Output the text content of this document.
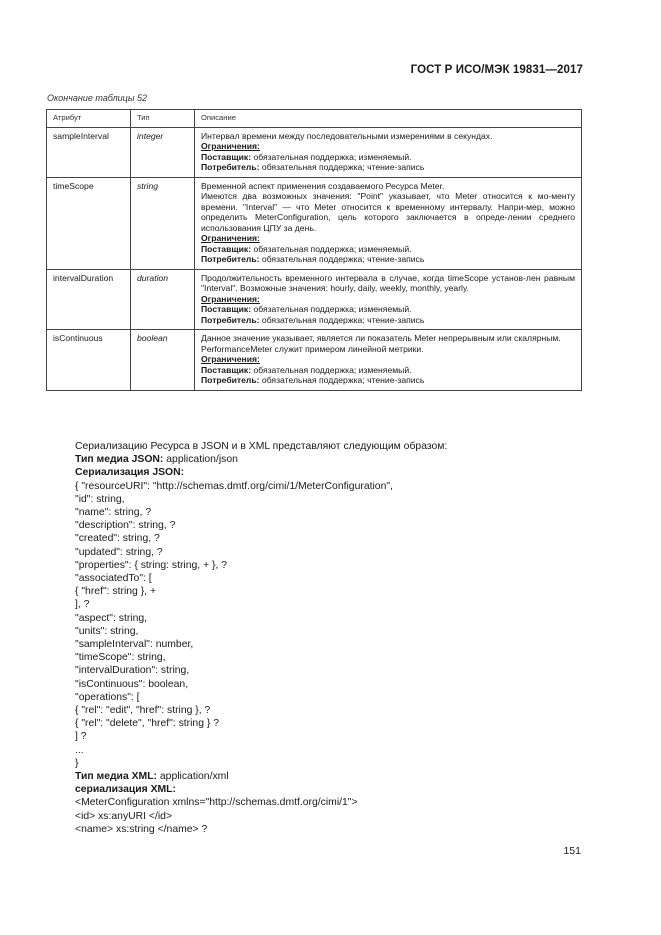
ГОСТ Р ИСО/МЭК 19831—2017
Окончание таблицы 52
Атрибут	Тип	Описание
sampleInterval	integer	Интервал времени между последовательными измерениями в секундах.

Ограничения:

Поставщик: обязательная поддержка; изменяемый.

Потребитель: обязательная поддержка; чтение-запись

timeScope	string	Временной аспект применения создаваемого Ресурса Meter.

Имеются два возможных значения: "Point" указывает, что Meter относится к мо-менту времени. "Interval" — что Meter относится к временному интервалу. Напри-мер, можно определить MeterConfiguration, цель которого заключается в опреде-лении среднего использования ЦПУ за день.

Ограничения:

Поставщик: обязательная поддержка; изменяемый.

Потребитель: обязательная поддержка; чтение-запись

intervalDuration	duration	Продолжительность временного интервала в случае, когда timeScope установ-лен равным "Interval". Возможные значения: hourly, daily, weekly, monthly, yearly.

Ограничения:

Поставщик: обязательная поддержка; изменяемый.

Потребитель: обязательная поддержка; чтение-запись

isContinuous	boolean	Данное значение указывает, является ли показатель Meter непрерывным или скалярным.

PerformanceMeter служит примером линейной метрики.

Ограничения:

Поставщик: обязательная поддержка; изменяемый.

Потребитель: обязательная поддержка; чтение-запись

Сериализацию Ресурса в JSON и в XML представляют следующим образом:
Тип медиа JSON: application/json
Сериализация JSON:
{ "resourceURI": "http://schemas.dmtf.org/cimi/1/MeterConfiguration",
"id": string,
"name": string, ?
"description": string, ?
"created": string, ?
"updated": string, ?
"properties": { string: string, + }, ?
"associatedTo": [
{ "href": string }, +
], ?
"aspect": string,
"units": string,
"sampleInterval": number,
"timeScope": string,
"intervalDuration": string,
"isContinuous": boolean,
"operations": [
{ "rel": "edit", "href": string }, ?
{ "rel": "delete", "href": string } ?
] ?
...
}
Тип медиа XML: application/xml
сериализация XML:
<MeterConfiguration xmlns="http://schemas.dmtf.org/cimi/1">
<id> xs:anyURI </id>
<name> xs:string </name> ?
151
